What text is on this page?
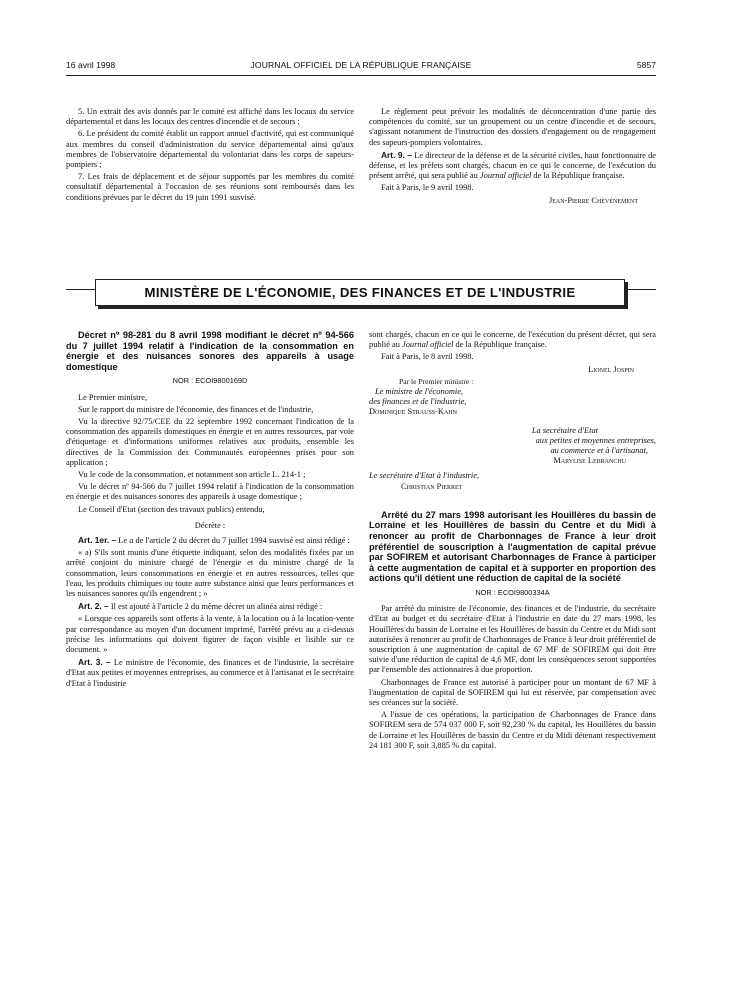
16 avril 1998	JOURNAL OFFICIEL DE LA RÉPUBLIQUE FRANÇAISE	5857

5. Un extrait des avis donnés par le comité est affiché dans les locaux du service départemental et dans les locaux des centres d'incendie et de secours ;

6. Le président du comité établit un rapport annuel d'activité, qui est communiqué aux membres du conseil d'administration du service départemental ainsi qu'aux membres de l'observatoire départemental du volontariat dans les corps de sapeurs-pompiers ;

7. Les frais de déplacement et de séjour supportés par les membres du comité consultatif départemental à l'occasion de ses réunions sont remboursés dans les conditions prévues par le décret du 19 juin 1991 susvisé.

Le règlement peut prévoir les modalités de déconcentration d'une partie des compétences du comité, sur un groupement ou un centre d'incendie et de secours, s'agissant notamment de l'instruction des dossiers d'engagement ou de rengagement des sapeurs-pompiers volontaires.

Art. 9. – Le directeur de la défense et de la sécurité civiles, haut fonctionnaire de défense, et les préfets sont chargés, chacun en ce qui le concerne, de l'exécution du présent arrêté, qui sera publié au Journal officiel de la République française.

Fait à Paris, le 9 avril 1998.

Jean-Pierre Chevènement
MINISTÈRE DE L'ÉCONOMIE, DES FINANCES ET DE L'INDUSTRIE

Décret nº 98-281 du 8 avril 1998 modifiant le décret nº 94-566 du 7 juillet 1994 relatif à l'indication de la consommation en énergie et des nuisances sonores des appareils à usage domestique

NOR : ECOI9800169D

Le Premier ministre,

Sur le rapport du ministre de l'économie, des finances et de l'industrie,

Vu la directive 92/75/CEE du 22 septembre 1992 concernant l'indication de la consommation des appareils domestiques en énergie et en autres ressources, par voie d'étiquetage et d'informations uniformes relatives aux produits, ensemble les directives de la Commission des Communautés européennes prises pour son application ;

Vu le code de la consommation, et notamment son article L. 214-1 ;

Vu le décret nº 94-566 du 7 juillet 1994 relatif à l'indication de la consommation en énergie et des nuisances sonores des appareils à usage domestique ;

Le Conseil d'Etat (section des travaux publics) entendu,

Décrète :

Art. 1er. – Le a de l'article 2 du décret du 7 juillet 1994 susvisé est ainsi rédigé :

« a) S'ils sont munis d'une étiquette indiquant, selon des modalités fixées par un arrêté conjoint du ministre chargé de l'énergie et du ministre chargé de la consommation, leurs consommations en énergie et en autres ressources, telles que l'eau, les produits chimiques ou toute autre substance ainsi que leurs performances et les nuisances sonores qu'ils engendrent ; »

Art. 2. – Il est ajouté à l'article 2 du même décret un alinéa ainsi rédigé :

« Lorsque ces appareils sont offerts à la vente, à la location ou à la location-vente par correspondance au moyen d'un document imprimé, l'arrêté prévu au a ci-dessus précise les informations qui doivent figurer de façon visible et lisible sur ce document. »

Art. 3. – Le ministre de l'économie, des finances et de l'industrie, la secrétaire d'Etat aux petites et moyennes entreprises, au commerce et à l'artisanat et le secrétaire d'Etat à l'industrie

sont chargés, chacun en ce qui le concerne, de l'exécution du présent décret, qui sera publié au Journal officiel de la République française.

Fait à Paris, le 8 avril 1998.

Lionel Jospin
Par le Premier ministre :
Le ministre de l'économie,
des finances et de l'industrie,
Dominique Strauss-Kahn
La secrétaire d'Etat
aux petites et moyennes entreprises,
au commerce et à l'artisanat,
Marylise Lebranchu
Le secrétaire d'Etat à l'industrie,
Christian Pierret

Arrêté du 27 mars 1998 autorisant les Houillères du bassin de Lorraine et les Houillères de bassin du Centre et du Midi à renoncer au profit de Charbonnages de France à leur droit préférentiel de souscription à l'augmentation de capital prévue par SOFIREM et autorisant Charbonnages de France à participer à cette augmentation de capital et à supporter en proportion des actions qu'il détient une réduction de capital de la société

NOR : ECOI9800334A

Par arrêté du ministre de l'économie, des finances et de l'industrie, du secrétaire d'Etat au budget et du secrétaire d'Etat à l'industrie en date du 27 mars 1998, les Houillères du bassin de Lorraine et les Houillères de bassin du Centre et du Midi sont autorisées à renoncer au profit de Charbonnages de France à leur droit préférentiel de souscription à une augmentation de capital de 67 MF de SOFIREM qui doit être suivie d'une réduction de capital de 4,6 MF, dont les conséquences seront supportées par l'ensemble des actionnaires à due proportion.

Charbonnages de France est autorisé à participer pour un montant de 67 MF à l'augmentation de capital de SOFIREM qui lui est réservée, par compensation avec ses créances sur la société.

A l'issue de ces opérations, la participation de Charbonnages de France dans SOFIREM sera de 574 037 000 F, soit 92,230 % du capital, les Houillères du bassin de Lorraine et les Houillères de bassin du Centre et du Midi détenant respectivement 24 181 300 F, soit 3,885 % du capital.
